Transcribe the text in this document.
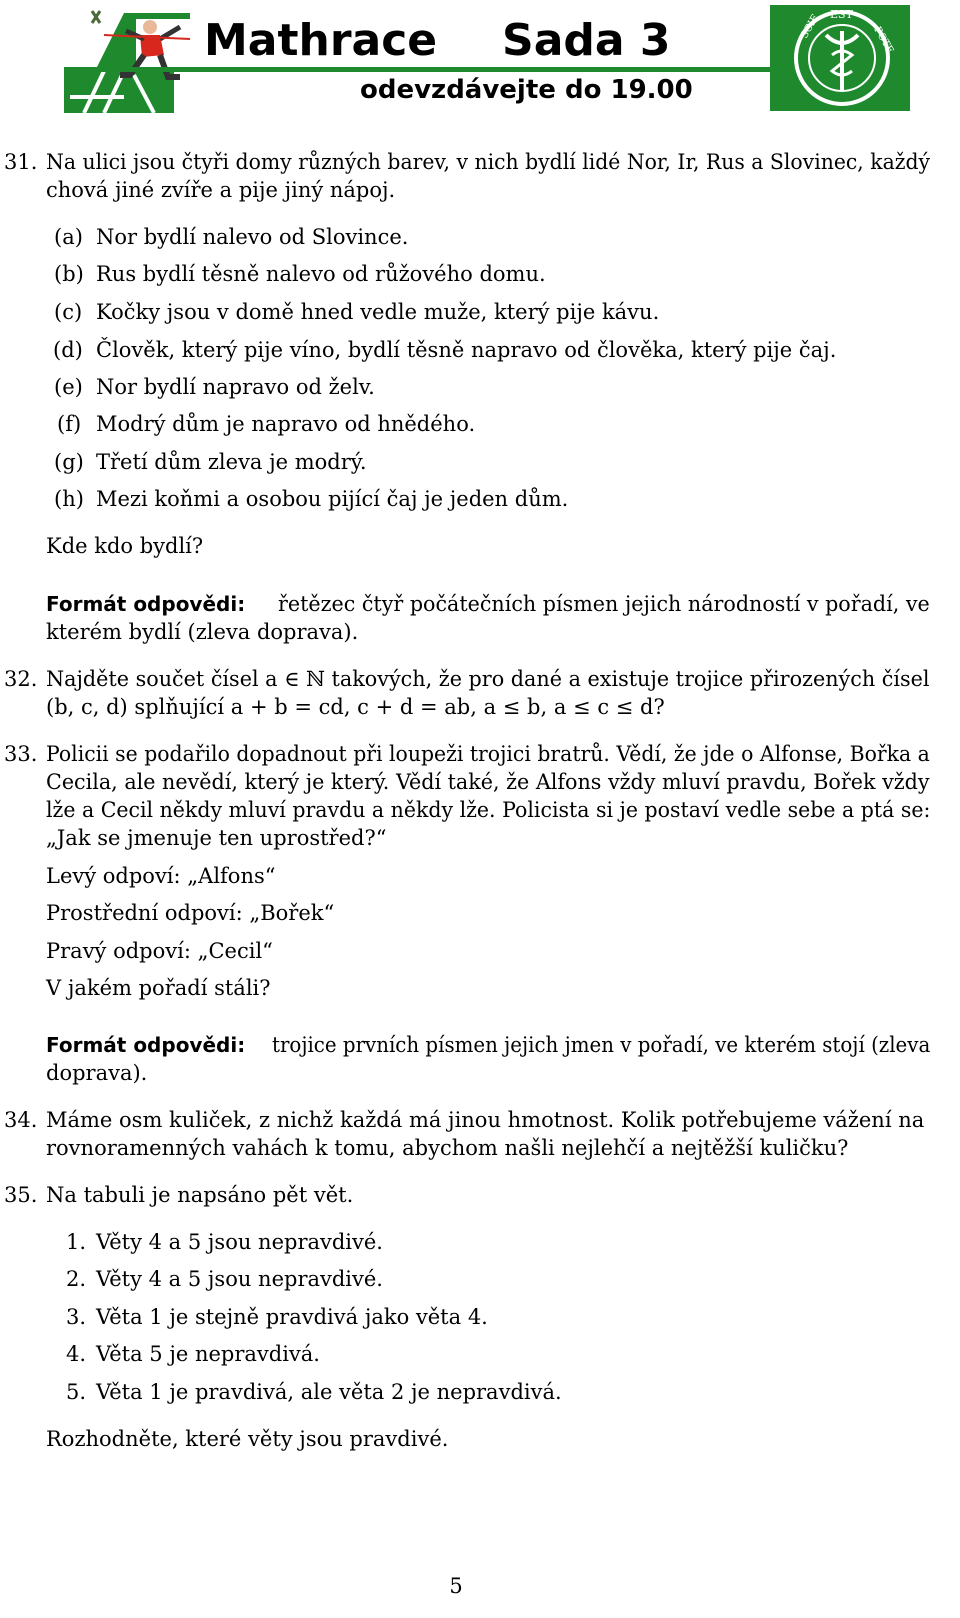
Mathrace Sada 3
odevzdávejte do 19.00
SCIE EST
POTE
31. Na ulici jsou čtyři domy různých barev, v nich bydlí lidé Nor, Ir, Rus a Slovinec, každý
chová jiné zvíře a pije jiný nápoj.
(a) Nor bydlí nalevo od Slovince.
(b) Rus bydlí těsně nalevo od růžového domu.
(c) Kočky jsou v domě hned vedle muže, který pije kávu.
(d) Člověk, který pije víno, bydlí těsně napravo od člověka, který pije čaj.
(e) Nor bydlí napravo od želv.
(f) Modrý dům je napravo od hnědého.
(g) Třetí dům zleva je modrý.
(h) Mezi koňmi a osobou pijící čaj je jeden dům.
Kde kdo bydlí?
Formát odpovědi: řetězec čtyř počátečních písmen jejich národností v pořadí, ve
kterém bydlí (zleva doprava).
32. Najděte součet čísel a ∈ ℕ takových, že pro dané a existuje trojice přirozených čísel
(b, c, d) splňující a + b = cd, c + d = ab, a ≤ b, a ≤ c ≤ d?
33. Policii se podařilo dopadnout při loupeži trojici bratrů. Vědí, že jde o Alfonse, Bořka a
Cecila, ale nevědí, který je který. Vědí také, že Alfons vždy mluví pravdu, Bořek vždy
lže a Cecil někdy mluví pravdu a někdy lže. Policista si je postaví vedle sebe a ptá se:
„Jak se jmenuje ten uprostřed?“
Levý odpoví: „Alfons“
Prostřední odpoví: „Bořek“
Pravý odpoví: „Cecil“
V jakém pořadí stáli?
Formát odpovědi: trojice prvních písmen jejich jmen v pořadí, ve kterém stojí (zleva
doprava).
34. Máme osm kuliček, z nichž každá má jinou hmotnost. Kolik potřebujeme vážení na
rovnoramenných vahách k tomu, abychom našli nejlehčí a nejtěžší kuličku?
35. Na tabuli je napsáno pět vět.
1. Věty 4 a 5 jsou nepravdivé.
2. Věty 4 a 5 jsou nepravdivé.
3. Věta 1 je stejně pravdivá jako věta 4.
4. Věta 5 je nepravdivá.
5. Věta 1 je pravdivá, ale věta 2 je nepravdivá.
Rozhodněte, které věty jsou pravdivé.
5
